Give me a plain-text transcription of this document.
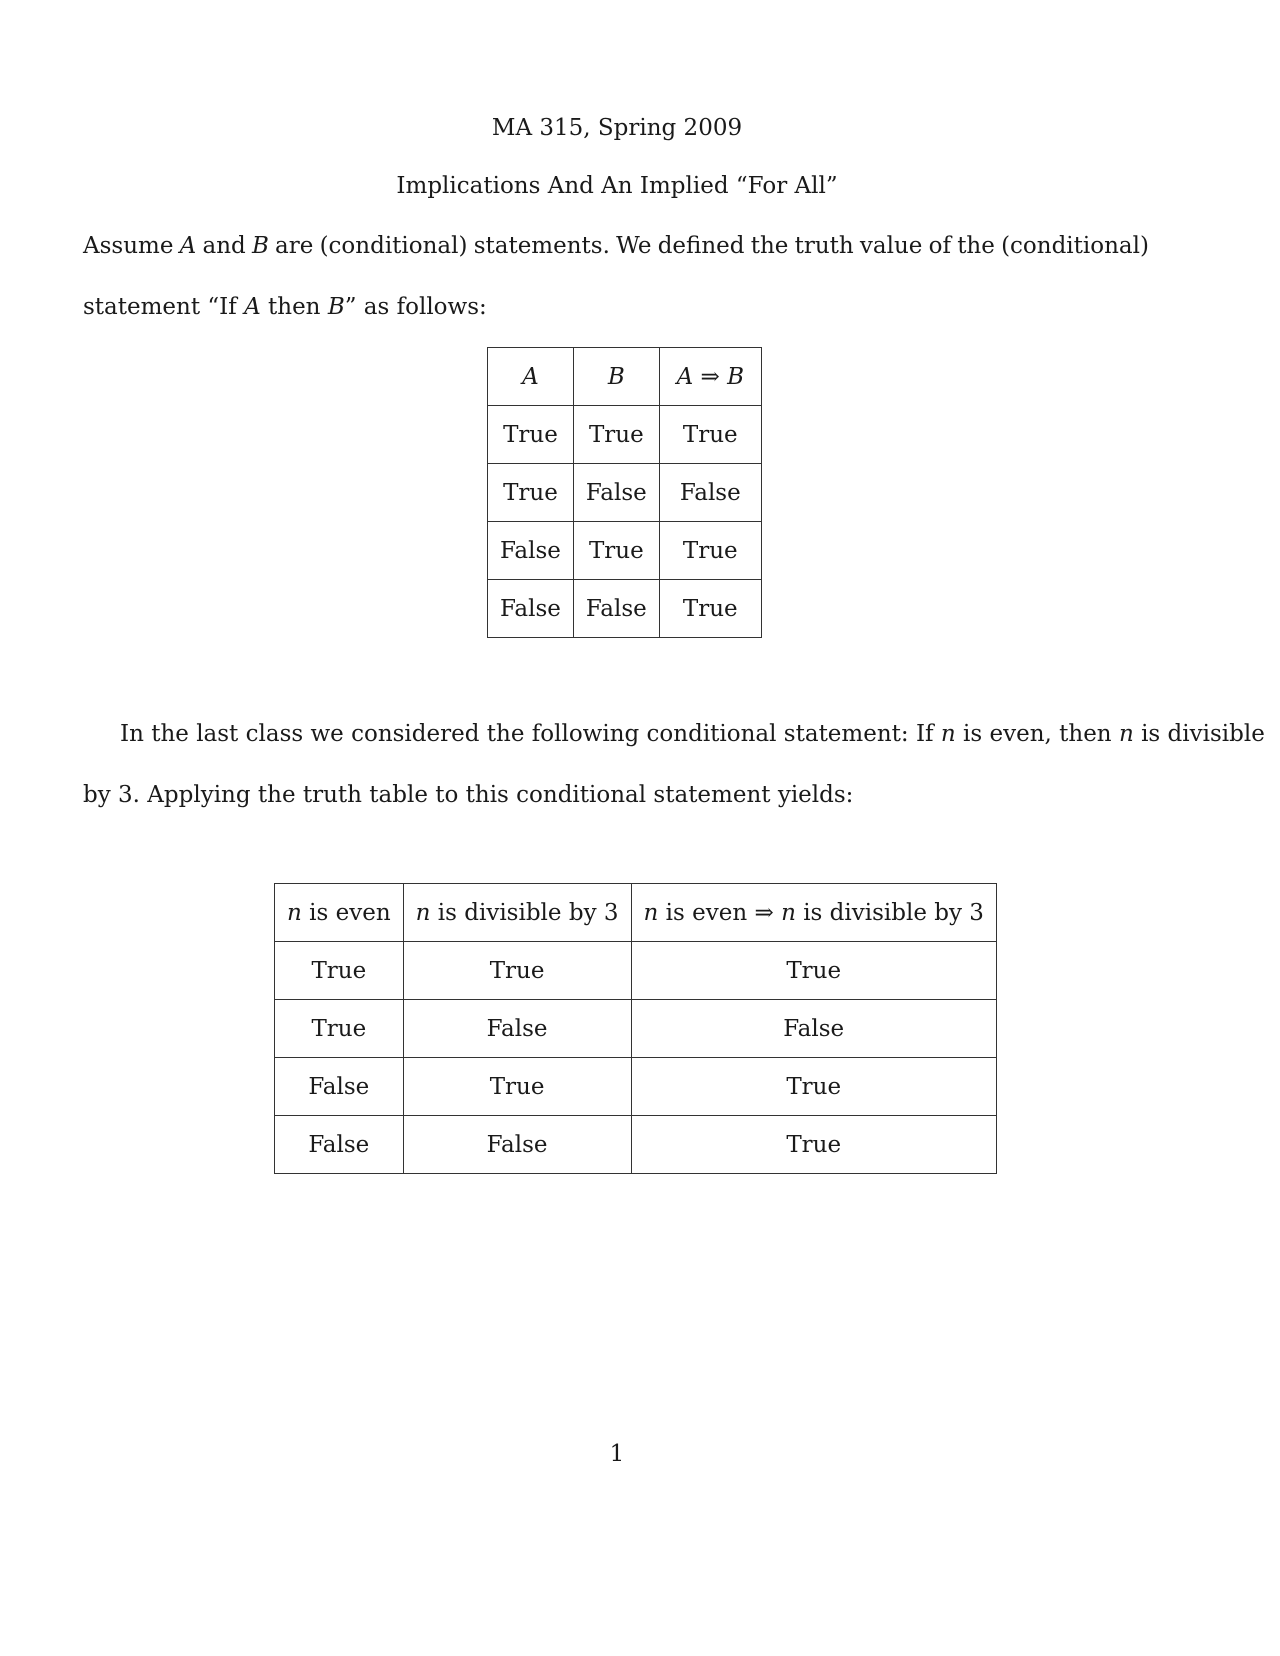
MA 315, Spring 2009
Implications And An Implied “For All”
Assume A and B are (conditional) statements. We defined the truth value of the (conditional)
statement “If A then B” as follows:
A	B	A ⇒ B
True	True	True
True	False	False
False	True	True
False	False	True
In the last class we considered the following conditional statement: If n is even, then n is divisible
by 3. Applying the truth table to this conditional statement yields:
n is even	n is divisible by 3	n is even ⇒ n is divisible by 3
True	True	True
True	False	False
False	True	True
False	False	True
1
